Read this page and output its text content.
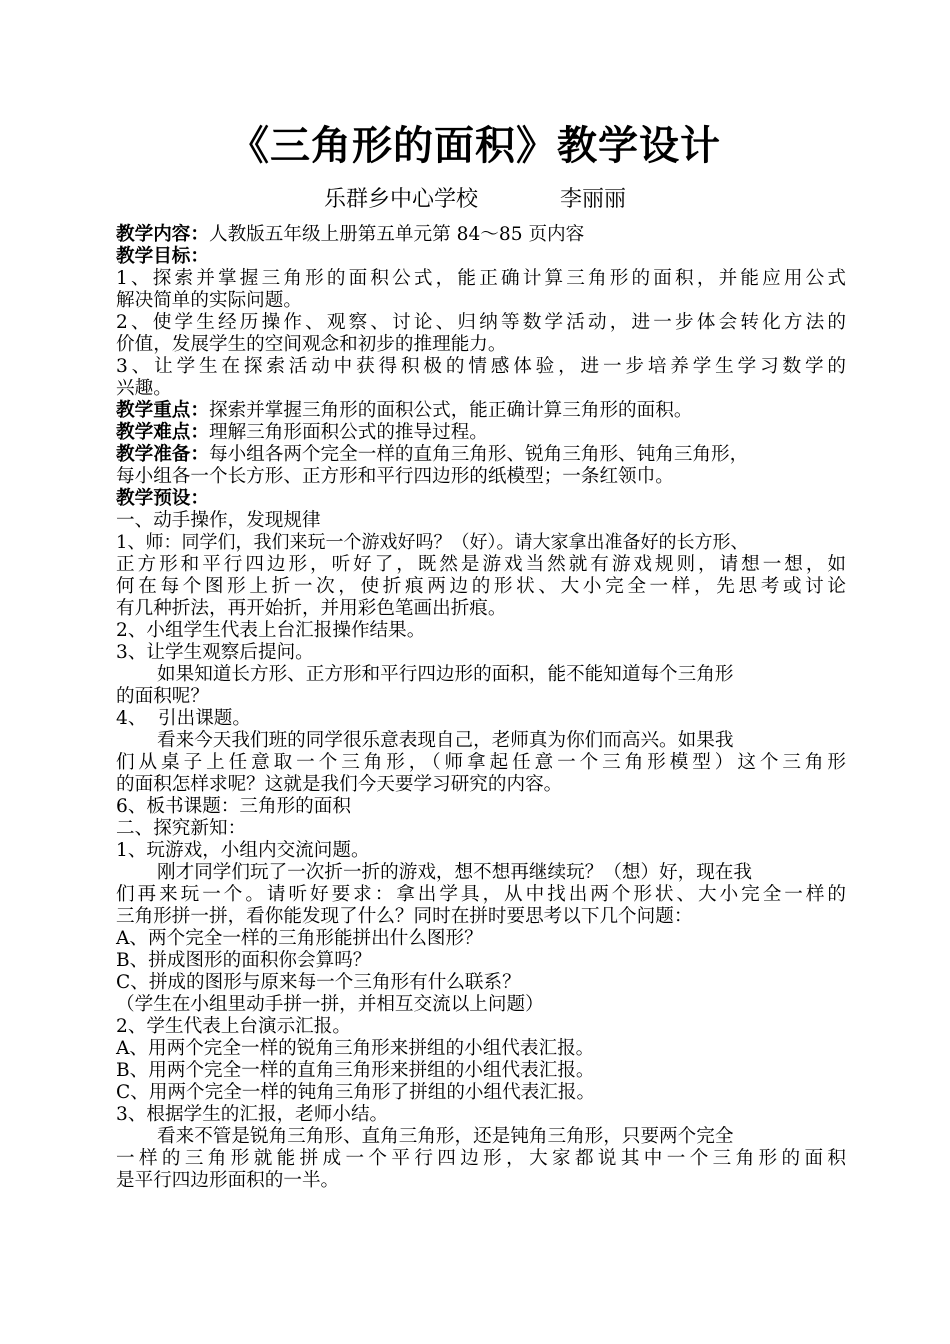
《三角形的面积》教学设计
乐群乡中心学校	李丽丽
教学内容：人教版五年级上册第五单元第 84～85 页内容
教学目标：
1、探索并掌握三角形的面积公式，能正确计算三角形的面积，并能应用公式
解决简单的实际问题。
2、使学生经历操作、观察、讨论、归纳等数学活动，进一步体会转化方法的
价值，发展学生的空间观念和初步的推理能力。
3、让学生在探索活动中获得积极的情感体验，进一步培养学生学习数学的
兴趣。
教学重点：探索并掌握三角形的面积公式，能正确计算三角形的面积。
教学难点：理解三角形面积公式的推导过程。
教学准备：每小组各两个完全一样的直角三角形、锐角三角形、钝角三角形，
每小组各一个长方形、正方形和平行四边形的纸模型；一条红领巾。
教学预设：
一、动手操作，发现规律
1、师：同学们，我们来玩一个游戏好吗？（好）。请大家拿出准备好的长方形、
正方形和平行四边形，听好了，既然是游戏当然就有游戏规则，请想一想，如
何在每个图形上折一次，使折痕两边的形状、大小完全一样，先思考或讨论
有几种折法，再开始折，并用彩色笔画出折痕。
2、小组学生代表上台汇报操作结果。
3、让学生观察后提问。
如果知道长方形、正方形和平行四边形的面积，能不能知道每个三角形
的面积呢？
4、 引出课题。
看来今天我们班的同学很乐意表现自己，老师真为你们而高兴。如果我
们从桌子上任意取一个三角形，（师拿起任意一个三角形模型）这个三角形
的面积怎样求呢？这就是我们今天要学习研究的内容。
6、板书课题：三角形的面积
二、探究新知：
1、玩游戏，小组内交流问题。
刚才同学们玩了一次折一折的游戏，想不想再继续玩？（想）好，现在我
们再来玩一个。请听好要求：拿出学具，从中找出两个形状、大小完全一样的
三角形拼一拼，看你能发现了什么？同时在拼时要思考以下几个问题：
A、两个完全一样的三角形能拼出什么图形？
B、拼成图形的面积你会算吗？
C、拼成的图形与原来每一个三角形有什么联系？
（学生在小组里动手拼一拼，并相互交流以上问题）
2、学生代表上台演示汇报。
A、用两个完全一样的锐角三角形来拼组的小组代表汇报。
B、用两个完全一样的直角三角形来拼组的小组代表汇报。
C、用两个完全一样的钝角三角形了拼组的小组代表汇报。
3、根据学生的汇报，老师小结。
看来不管是锐角三角形、直角三角形，还是钝角三角形，只要两个完全
一样的三角形就能拼成一个平行四边形，大家都说其中一个三角形的面积
是平行四边形面积的一半。
